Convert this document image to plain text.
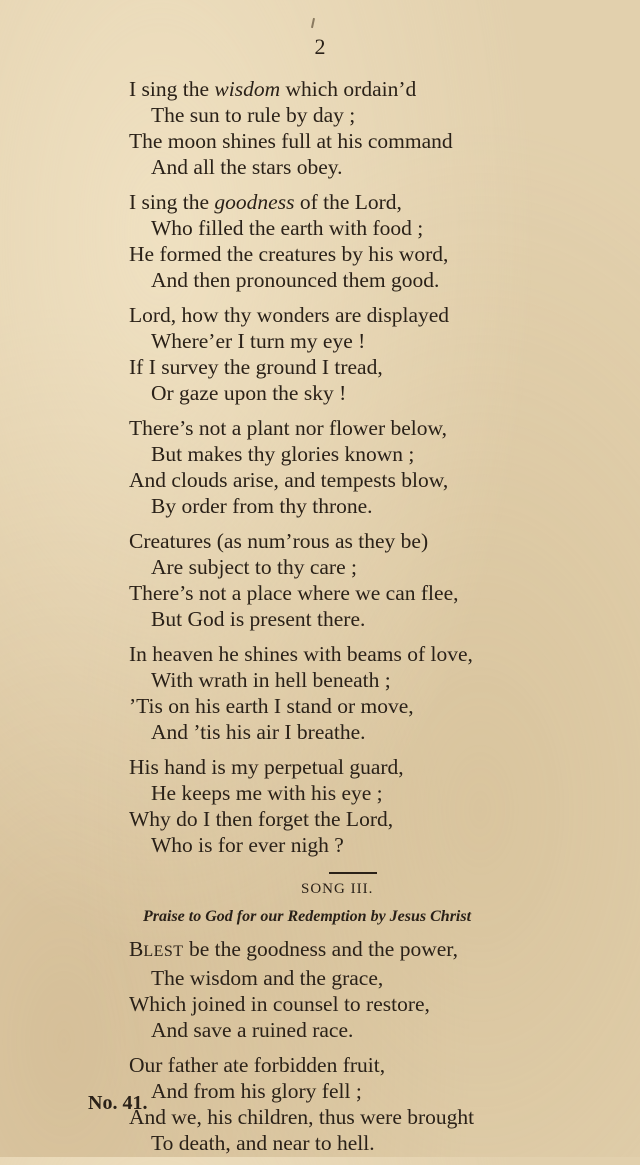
2
I sing the wisdom which ordain’d
The sun to rule by day ;
The moon shines full at his command
And all the stars obey.
I sing the goodness of the Lord,
Who filled the earth with food ;
He formed the creatures by his word,
And then pronounced them good.
Lord, how thy wonders are displayed
Where’er I turn my eye !
If I survey the ground I tread,
Or gaze upon the sky !
There’s not a plant nor flower below,
But makes thy glories known ;
And clouds arise, and tempests blow,
By order from thy throne.
Creatures (as num’rous as they be)
Are subject to thy care ;
There’s not a place where we can flee,
But God is present there.
In heaven he shines with beams of love,
With wrath in hell beneath ;
’Tis on his earth I stand or move,
And ’tis his air I breathe.
His hand is my perpetual guard,
He keeps me with his eye ;
Why do I then forget the Lord,
Who is for ever nigh ?
SONG III.
Praise to God for our Redemption by Jesus Christ
BLEST be the goodness and the power,
The wisdom and the grace,
Which joined in counsel to restore,
And save a ruined race.
Our father ate forbidden fruit,
And from his glory fell ;
And we, his children, thus were brought
To death, and near to hell.
No. 41.
